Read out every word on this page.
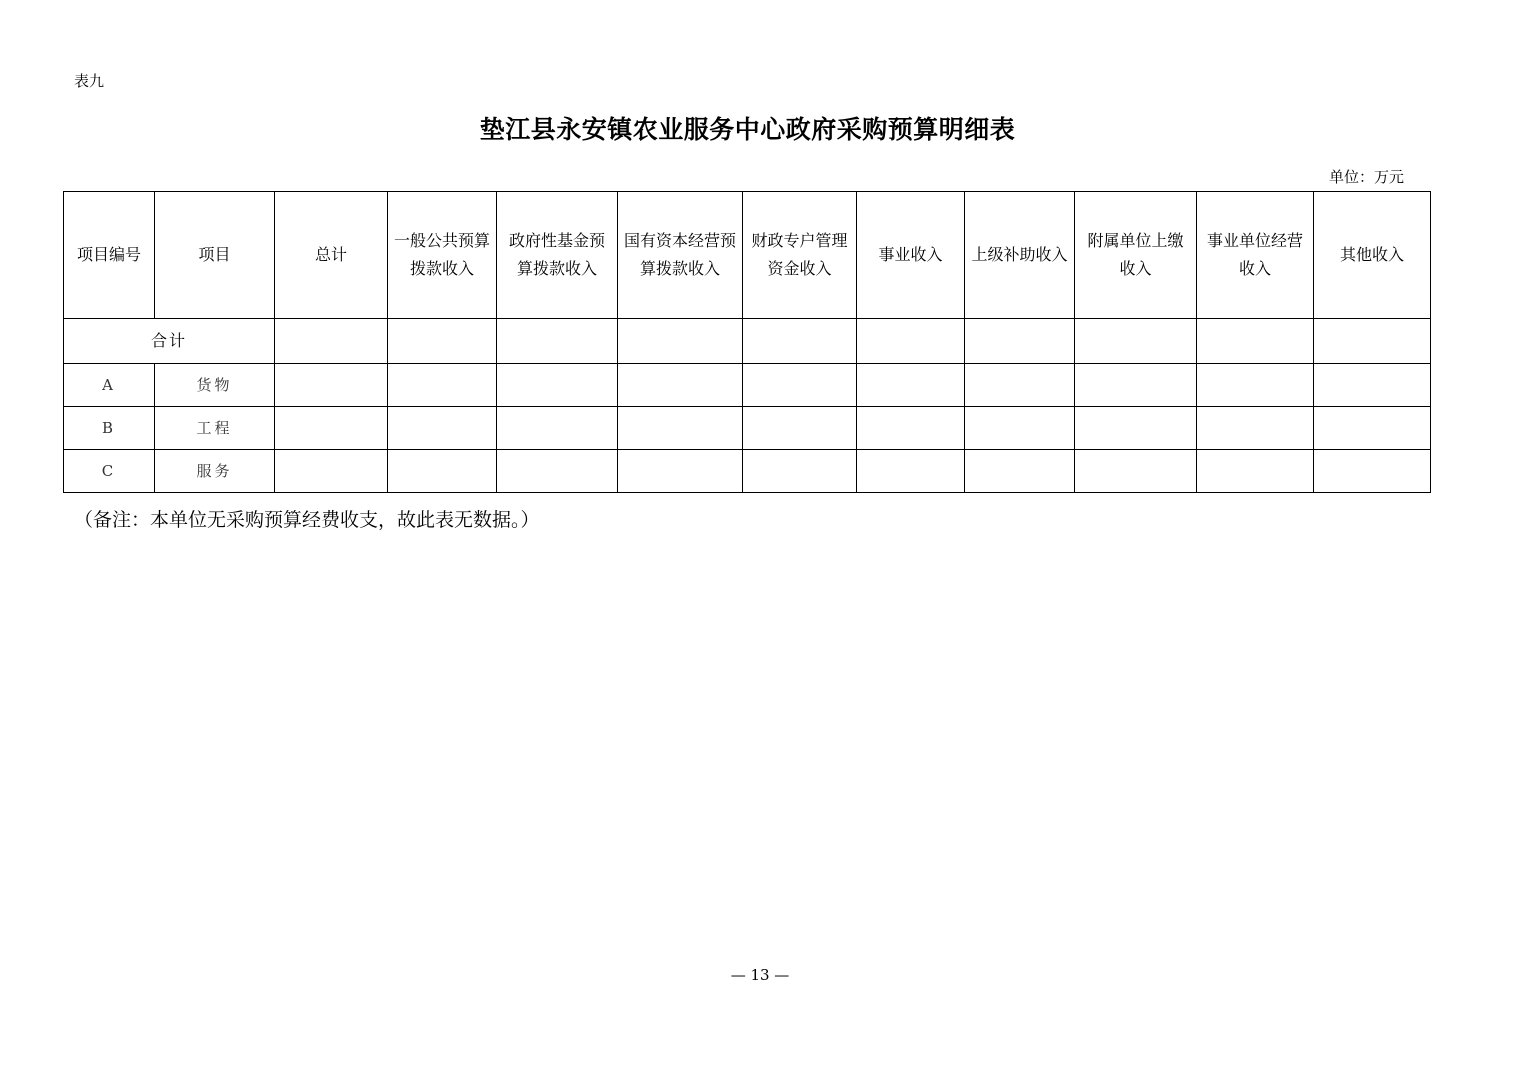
表九
垫江县永安镇农业服务中心政府采购预算明细表
单位：万元
项目编号	项目	总计	一般公共预算拨款收入	政府性基金预算拨款收入	国有资本经营预算拨款收入	财政专户管理资金收入	事业收入	上级补助收入	附属单位上缴收入	事业单位经营收入	其他收入
合计											
A	货物										
B	工程										
C	服务										
（备注：本单位无采购预算经费收支，故此表无数据。）
— 13 —
